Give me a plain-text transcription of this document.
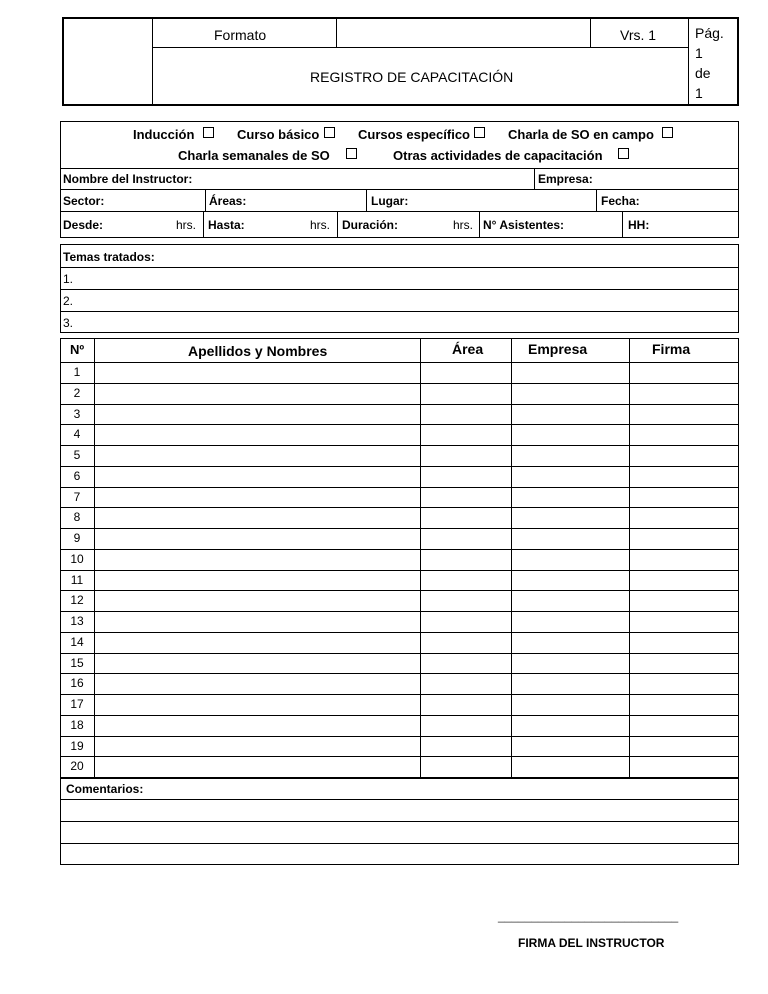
Formato	Vrs. 1
REGISTRO DE CAPACITACIÓN
Pág.
1
de
1
Inducción	Curso básico	Cursos específico	Charla de SO en campo
Charla semanales de SO	Otras actividades de capacitación
Nombre del Instructor:	Empresa:
Sector:	Áreas:	Lugar:	Fecha:
Desde:	hrs. Hasta:	hrs. Duración:	hrs. N° Asistentes:	HH:
Temas tratados:
1.
2.
3.
Nº	Apellidos y Nombres	Área	Empresa	Firma
1
2
3
4
5
6
7
8
9
10
11
12
13
14
15
16
17
18
19
20
Comentarios:
___________________________
FIRMA DEL INSTRUCTOR
